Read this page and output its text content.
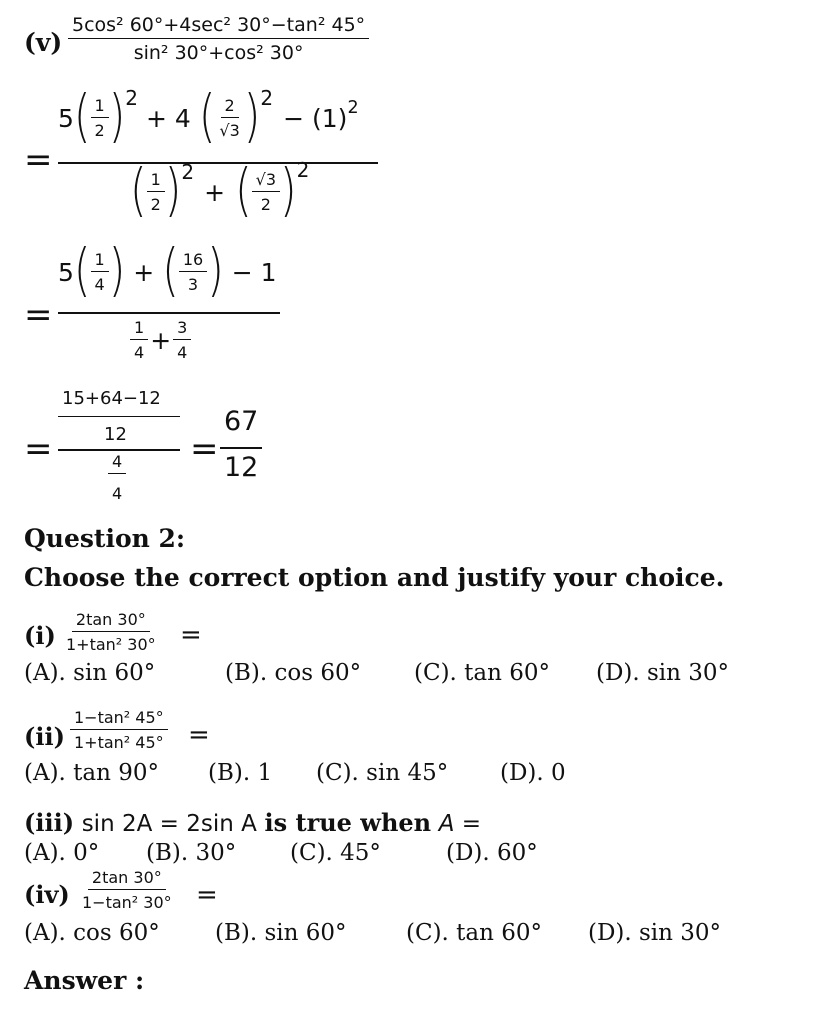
$(v) \frac{\text{5cos² 60°+4sec² 30°−tan² 45°}}{\text{sin² 30°+cos² 30°}}$
=
5 ( $\frac{1}{2}$ ) 2
+ 4 ( $\frac{2}{√3}$ ) 2
− (1) 2
( $\frac{1}{2}$ ) 2
+ ( $\frac{√3}{2}$ ) 2
=
5 ( $\frac{1}{4}$ ) + ( $\frac{16}{3}$ ) − 1
$\frac{1}{4} + \frac{3}{4}$
=
15+64−12
12
4
4
=
67
12
Question 2:
Choose the correct option and justify your choice.
$(i) \frac{2\tan 30^\circ}{\text{1+tan² 30°}}$ =
(A). sin 60°	(B). cos 60° (C). tan 60° (D). sin 30°
$(ii) \frac{\text{1−tan² 45°}}{\text{1+tan² 45°}}$ =
(A). tan 90° (B). 1 (C). sin 45° (D). 0
(iii) sin 2A = 2sin A is true when A =
(A). 0° (B). 30° (C). 45°	(D). 60°
$(iv) \frac{2\tan 30^\circ}{\text{1−tan² 30°}}$ =
(A). cos 60° (B). sin 60°	(C). tan 60° (D). sin 30°
Answer :
